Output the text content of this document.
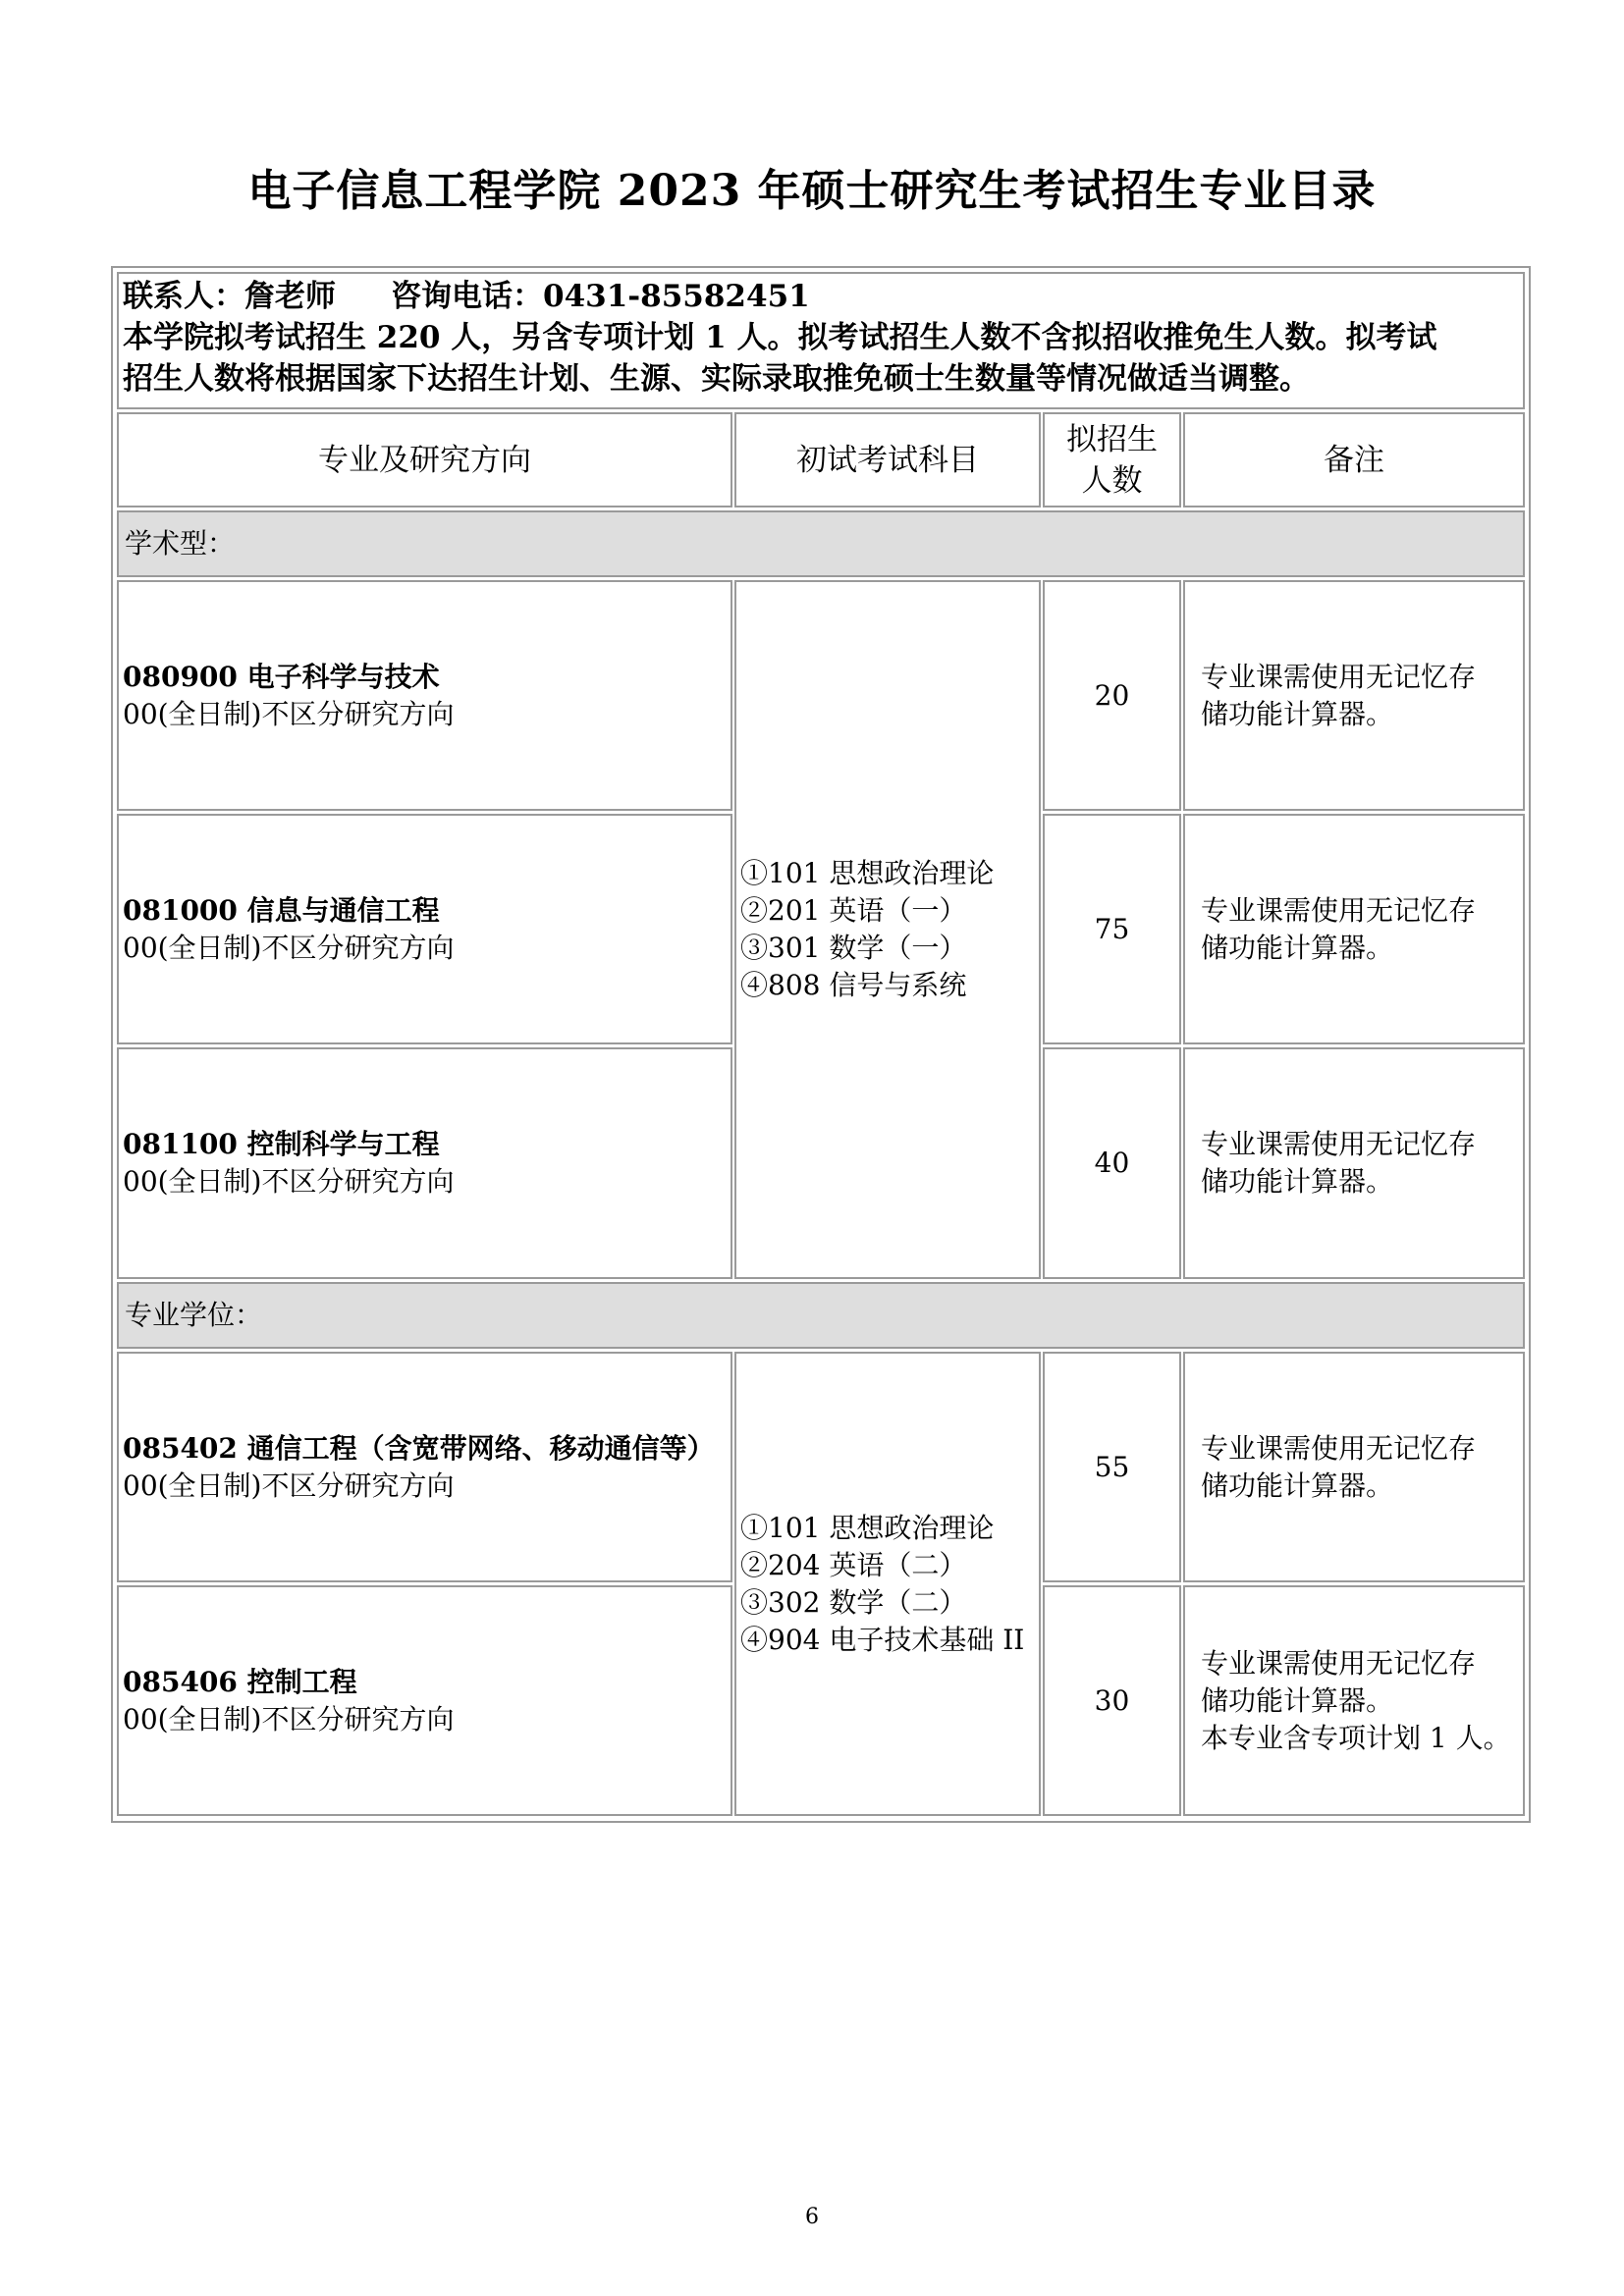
电子信息工程学院 2023 年硕士研究生考试招生专业目录
联系人：詹老师 咨询电话：0431-85582451
本学院拟考试招生 220 人，另含专项计划 1 人。拟考试招生人数不含拟招收推免生人数。拟考试
招生人数将根据国家下达招生计划、生源、实际录取推免硕士生数量等情况做适当调整。
专业及研究方向	初试考试科目
拟招生
人数
备注
学术型：
080900 电子科学与技术
00(全日制)不区分研究方向
081000 信息与通信工程
00(全日制)不区分研究方向
081100 控制科学与工程
00(全日制)不区分研究方向
①101 思想政治理论
②201 英语（一）
③301 数学（一）
④808 信号与系统
20
75
40
专业课需使用无记忆存
储功能计算器。
专业课需使用无记忆存
储功能计算器。
专业课需使用无记忆存
储功能计算器。
专业学位：
085402 通信工程（含宽带网络、移动通信等）
00(全日制)不区分研究方向
085406 控制工程
00(全日制)不区分研究方向
①101 思想政治理论
②204 英语（二）
③302 数学（二）
④904 电子技术基础 II
55
30
专业课需使用无记忆存
储功能计算器。
专业课需使用无记忆存
储功能计算器。
本专业含专项计划 1 人。
6
